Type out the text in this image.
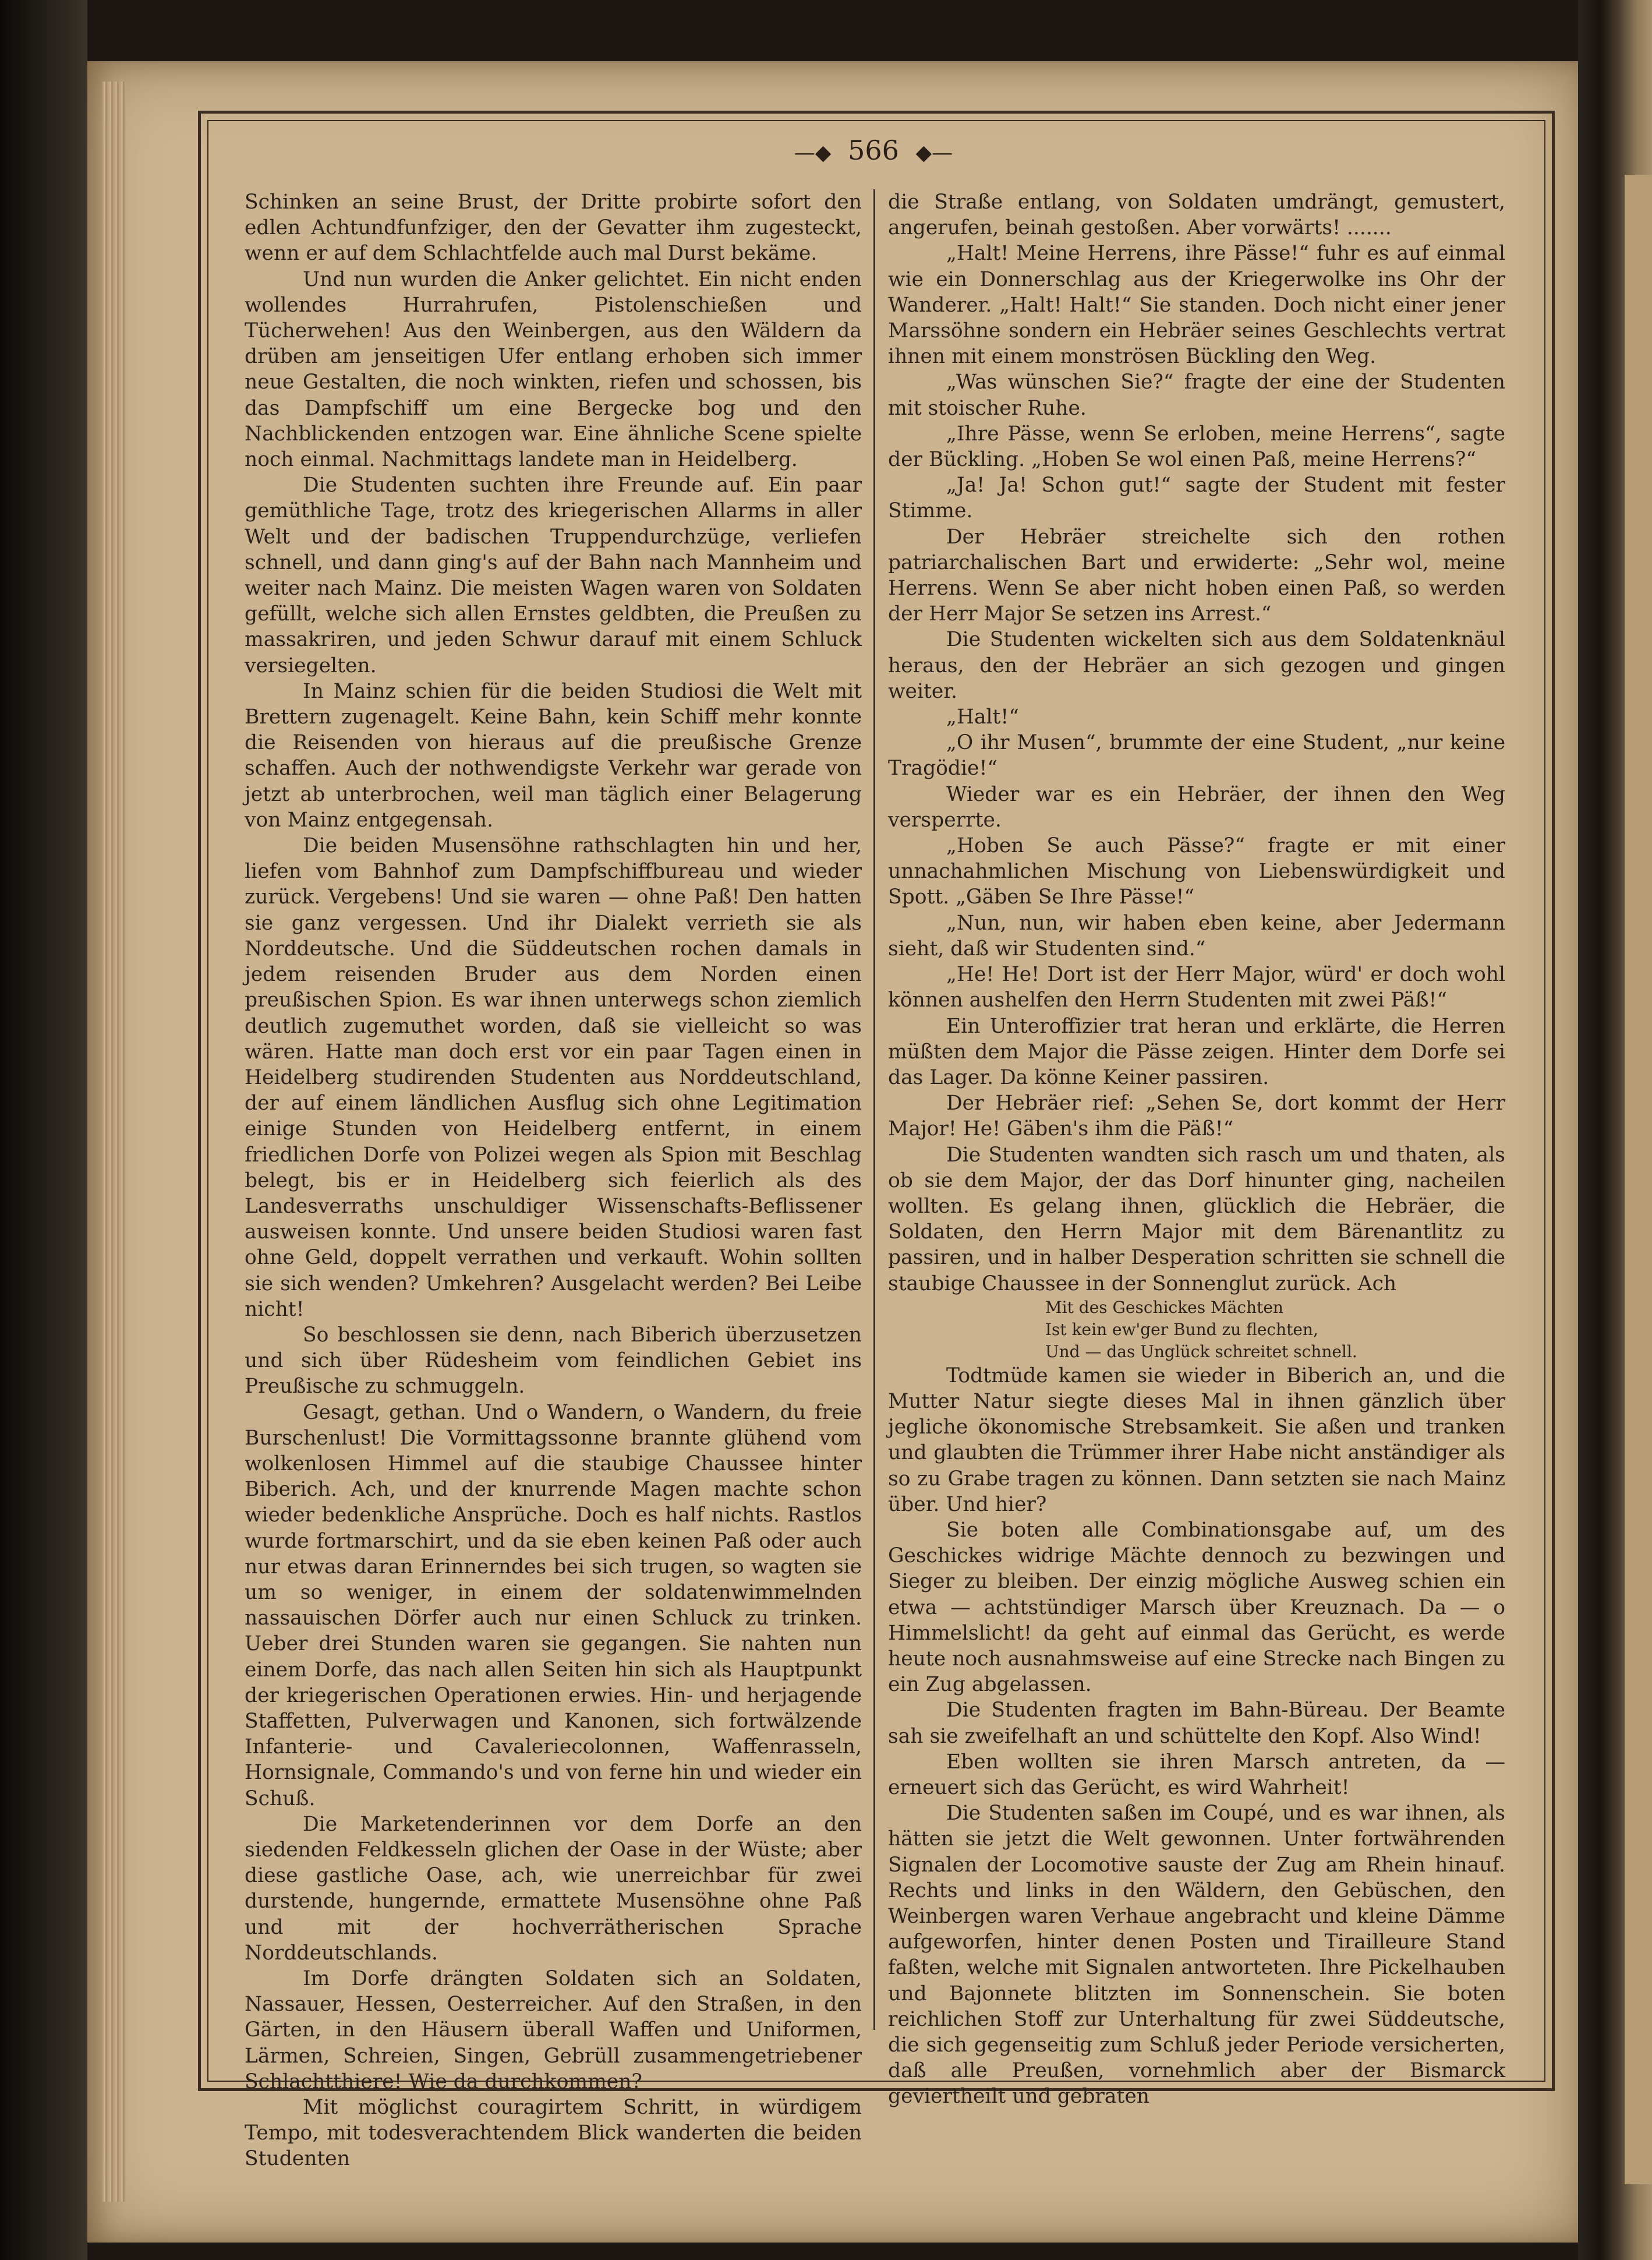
—◆ 566 ◆—

Schinken an seine Brust, der Dritte probirte sofort den edlen Achtundfunfziger, den der Gevatter ihm zugesteckt, wenn er auf dem Schlachtfelde auch mal Durst bekäme.

Und nun wurden die Anker gelichtet. Ein nicht enden wollendes Hurrahrufen, Pistolenschießen und Tücherwehen! Aus den Weinbergen, aus den Wäldern da drüben am jenseitigen Ufer entlang erhoben sich immer neue Gestalten, die noch winkten, riefen und schossen, bis das Dampfschiff um eine Bergecke bog und den Nachblickenden entzogen war. Eine ähnliche Scene spielte noch einmal. Nachmittags landete man in Heidelberg.

Die Studenten suchten ihre Freunde auf. Ein paar gemüthliche Tage, trotz des kriegerischen Allarms in aller Welt und der badischen Truppendurchzüge, verliefen schnell, und dann ging's auf der Bahn nach Mannheim und weiter nach Mainz. Die meisten Wagen waren von Soldaten gefüllt, welche sich allen Ernstes geldbten, die Preußen zu massakriren, und jeden Schwur darauf mit einem Schluck versiegelten.

In Mainz schien für die beiden Studiosi die Welt mit Brettern zugenagelt. Keine Bahn, kein Schiff mehr konnte die Reisenden von hieraus auf die preußische Grenze schaffen. Auch der nothwendigste Verkehr war gerade von jetzt ab unterbrochen, weil man täglich einer Belagerung von Mainz entgegensah.

Die beiden Musensöhne rathschlagten hin und her, liefen vom Bahnhof zum Dampfschiffbureau und wieder zurück. Vergebens! Und sie waren — ohne Paß! Den hatten sie ganz vergessen. Und ihr Dialekt verrieth sie als Norddeutsche. Und die Süddeutschen rochen damals in jedem reisenden Bruder aus dem Norden einen preußischen Spion. Es war ihnen unterwegs schon ziemlich deutlich zugemuthet worden, daß sie vielleicht so was wären. Hatte man doch erst vor ein paar Tagen einen in Heidelberg studirenden Studenten aus Norddeutschland, der auf einem ländlichen Ausflug sich ohne Legitimation einige Stunden von Heidelberg entfernt, in einem friedlichen Dorfe von Polizei wegen als Spion mit Beschlag belegt, bis er in Heidelberg sich feierlich als des Landesverraths unschuldiger Wissenschafts-Beflissener ausweisen konnte. Und unsere beiden Studiosi waren fast ohne Geld, doppelt verrathen und verkauft. Wohin sollten sie sich wenden? Umkehren? Ausgelacht werden? Bei Leibe nicht!

So beschlossen sie denn, nach Biberich überzusetzen und sich über Rüdesheim vom feindlichen Gebiet ins Preußische zu schmuggeln.

Gesagt, gethan. Und o Wandern, o Wandern, du freie Burschenlust! Die Vormittagssonne brannte glühend vom wolkenlosen Himmel auf die staubige Chaussee hinter Biberich. Ach, und der knurrende Magen machte schon wieder bedenkliche Ansprüche. Doch es half nichts. Rastlos wurde fortmarschirt, und da sie eben keinen Paß oder auch nur etwas daran Erinnerndes bei sich trugen, so wagten sie um so weniger, in einem der soldatenwimmelnden nassauischen Dörfer auch nur einen Schluck zu trinken. Ueber drei Stunden waren sie gegangen. Sie nahten nun einem Dorfe, das nach allen Seiten hin sich als Hauptpunkt der kriegerischen Operationen erwies. Hin- und herjagende Staffetten, Pulverwagen und Kanonen, sich fortwälzende Infanterie- und Cavaleriecolonnen, Waffenrasseln, Hornsignale, Commando's und von ferne hin und wieder ein Schuß.

Die Marketenderinnen vor dem Dorfe an den siedenden Feldkesseln glichen der Oase in der Wüste; aber diese gastliche Oase, ach, wie unerreichbar für zwei durstende, hungernde, ermattete Musensöhne ohne Paß und mit der hochverrätherischen Sprache Norddeutschlands.

Im Dorfe drängten Soldaten sich an Soldaten, Nassauer, Hessen, Oesterreicher. Auf den Straßen, in den Gärten, in den Häusern überall Waffen und Uniformen, Lärmen, Schreien, Singen, Gebrüll zusammengetriebener Schlachtthiere! Wie da durchkommen?

Mit möglichst couragirtem Schritt, in würdigem Tempo, mit todesverachtendem Blick wanderten die beiden Studenten

die Straße entlang, von Soldaten umdrängt, gemustert, angerufen, beinah gestoßen. Aber vorwärts! .......

„Halt! Meine Herrens, ihre Pässe!“ fuhr es auf einmal wie ein Donnerschlag aus der Kriegerwolke ins Ohr der Wanderer. „Halt! Halt!“ Sie standen. Doch nicht einer jener Marssöhne sondern ein Hebräer seines Geschlechts vertrat ihnen mit einem monströsen Bückling den Weg.

„Was wünschen Sie?“ fragte der eine der Studenten mit stoischer Ruhe.

„Ihre Pässe, wenn Se erloben, meine Herrens“, sagte der Bückling. „Hoben Se wol einen Paß, meine Herrens?“

„Ja! Ja! Schon gut!“ sagte der Student mit fester Stimme.

Der Hebräer streichelte sich den rothen patriarchalischen Bart und erwiderte: „Sehr wol, meine Herrens. Wenn Se aber nicht hoben einen Paß, so werden der Herr Major Se setzen ins Arrest.“

Die Studenten wickelten sich aus dem Soldatenknäul heraus, den der Hebräer an sich gezogen und gingen weiter.

„Halt!“

„O ihr Musen“, brummte der eine Student, „nur keine Tragödie!“

Wieder war es ein Hebräer, der ihnen den Weg versperrte.

„Hoben Se auch Pässe?“ fragte er mit einer unnachahmlichen Mischung von Liebenswürdigkeit und Spott. „Gäben Se Ihre Pässe!“

„Nun, nun, wir haben eben keine, aber Jedermann sieht, daß wir Studenten sind.“

„He! He! Dort ist der Herr Major, würd' er doch wohl können aushelfen den Herrn Studenten mit zwei Päß!“

Ein Unteroffizier trat heran und erklärte, die Herren müßten dem Major die Pässe zeigen. Hinter dem Dorfe sei das Lager. Da könne Keiner passiren.

Der Hebräer rief: „Sehen Se, dort kommt der Herr Major! He! Gäben's ihm die Päß!“

Die Studenten wandten sich rasch um und thaten, als ob sie dem Major, der das Dorf hinunter ging, nacheilen wollten. Es gelang ihnen, glücklich die Hebräer, die Soldaten, den Herrn Major mit dem Bärenantlitz zu passiren, und in halber Desperation schritten sie schnell die staubige Chaussee in der Sonnenglut zurück. Ach

Mit des Geschickes Mächten
Ist kein ew'ger Bund zu flechten,
Und — das Unglück schreitet schnell.

Todtmüde kamen sie wieder in Biberich an, und die Mutter Natur siegte dieses Mal in ihnen gänzlich über jegliche ökonomische Strebsamkeit. Sie aßen und tranken und glaubten die Trümmer ihrer Habe nicht anständiger als so zu Grabe tragen zu können. Dann setzten sie nach Mainz über. Und hier?

Sie boten alle Combinationsgabe auf, um des Geschickes widrige Mächte dennoch zu bezwingen und Sieger zu bleiben. Der einzig mögliche Ausweg schien ein etwa — achtstündiger Marsch über Kreuznach. Da — o Himmelslicht! da geht auf einmal das Gerücht, es werde heute noch ausnahmsweise auf eine Strecke nach Bingen zu ein Zug abgelassen.

Die Studenten fragten im Bahn-Büreau. Der Beamte sah sie zweifelhaft an und schüttelte den Kopf. Also Wind!

Eben wollten sie ihren Marsch antreten, da — erneuert sich das Gerücht, es wird Wahrheit!

Die Studenten saßen im Coupé, und es war ihnen, als hätten sie jetzt die Welt gewonnen. Unter fortwährenden Signalen der Locomotive sauste der Zug am Rhein hinauf. Rechts und links in den Wäldern, den Gebüschen, den Weinbergen waren Verhaue angebracht und kleine Dämme aufgeworfen, hinter denen Posten und Tirailleure Stand faßten, welche mit Signalen antworteten. Ihre Pickelhauben und Bajonnete blitzten im Sonnenschein. Sie boten reichlichen Stoff zur Unterhaltung für zwei Süddeutsche, die sich gegenseitig zum Schluß jeder Periode versicherten, daß alle Preußen, vornehmlich aber der Bismarck geviertheilt und gebraten
